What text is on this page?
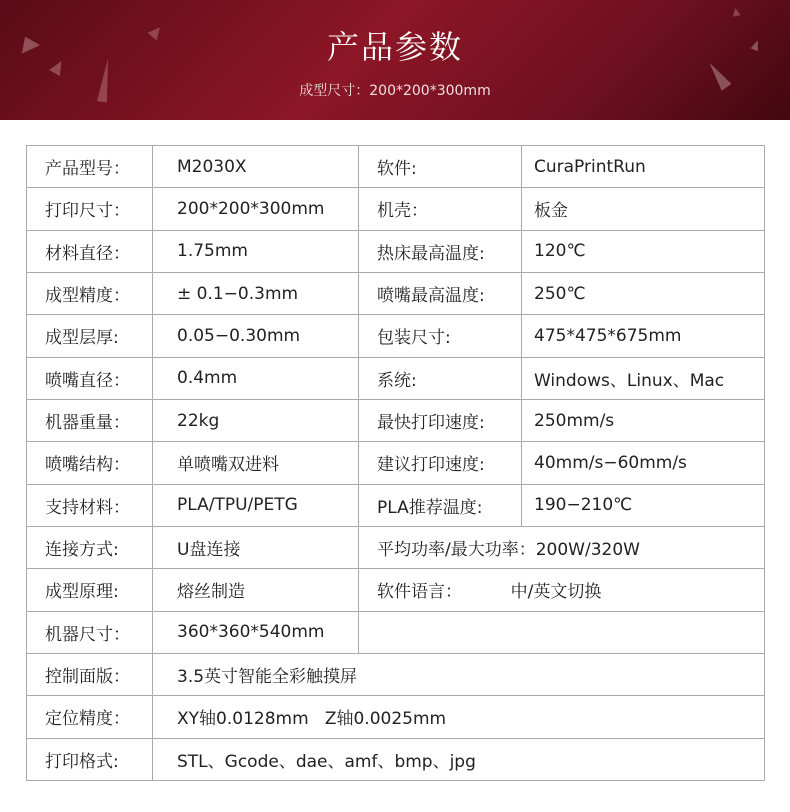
产品参数
成型尺寸：200*200*300mm
产品型号：	M2030X	软件:	CuraPrintRun
打印尺寸：	200*200*300mm	机壳：	板金
材料直径：	1.75mm	热床最高温度:	120℃
成型精度：	± 0.1−0.3mm	喷嘴最高温度:	250℃
成型层厚:	0.05−0.30mm	包装尺寸:	475*475*675mm
喷嘴直径：	0.4mm	系统:	Windows、Linux、Mac
机器重量：	22kg	最快打印速度:	250mm/s
喷嘴结构：	单喷嘴双进料	建议打印速度:	40mm/s−60mm/s
支持材料：	PLA/TPU/PETG	PLA推荐温度:	190−210℃
连接方式:	U盘连接	平均功率/最大功率：200W/320W	
成型原理:	熔丝制造	软件语言：         中/英文切换	
机器尺寸：	360*360*540mm		
控制面版：	3.5英寸智能全彩触摸屏		
定位精度：	XY轴0.0128mm   Z轴0.0025mm		
打印格式:	STL、Gcode、dae、amf、bmp、jpg		
